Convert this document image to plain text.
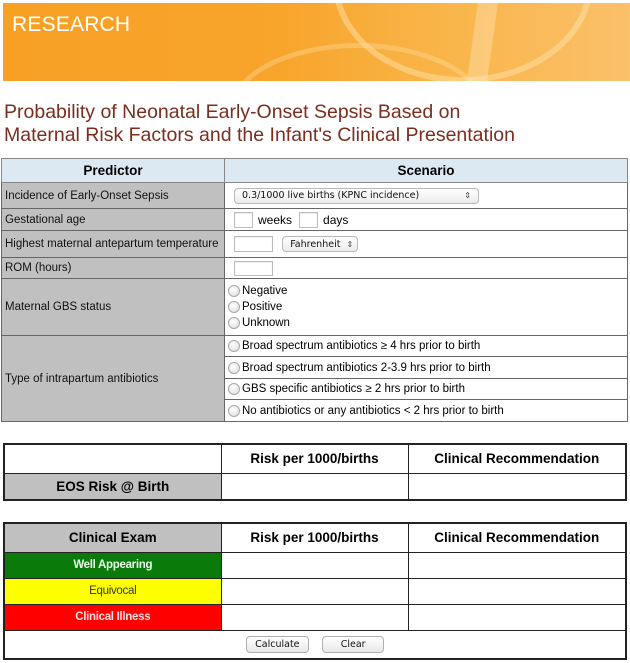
RESEARCH
Probability of Neonatal Early-Onset Sepsis Based on
Maternal Risk Factors and the Infant's Clinical Presentation
Predictor	Scenario
Incidence of Early-Onset Sepsis	0.3/1000 live births (KPNC incidence) ⇕

Gestational age	weeks days
Highest maternal antepartum temperature	Fahrenheit ⇕

ROM (hours)	
Maternal GBS status	Negative
Positive
Unknown

Type of intrapartum antibiotics	Broad spectrum antibiotics ≥ 4 hrs prior to birth

	Broad spectrum antibiotics 2-3.9 hrs prior to birth

	GBS specific antibiotics ≥ 2 hrs prior to birth

	No antibiotics or any antibiotics < 2 hrs prior to birth
	Risk per 1000/births	Clinical Recommendation
EOS Risk @ Birth		
Clinical Exam	Risk per 1000/births	Clinical Recommendation
Well Appearing		
Equivocal		
Clinical Illness		
Calculate Clear		
